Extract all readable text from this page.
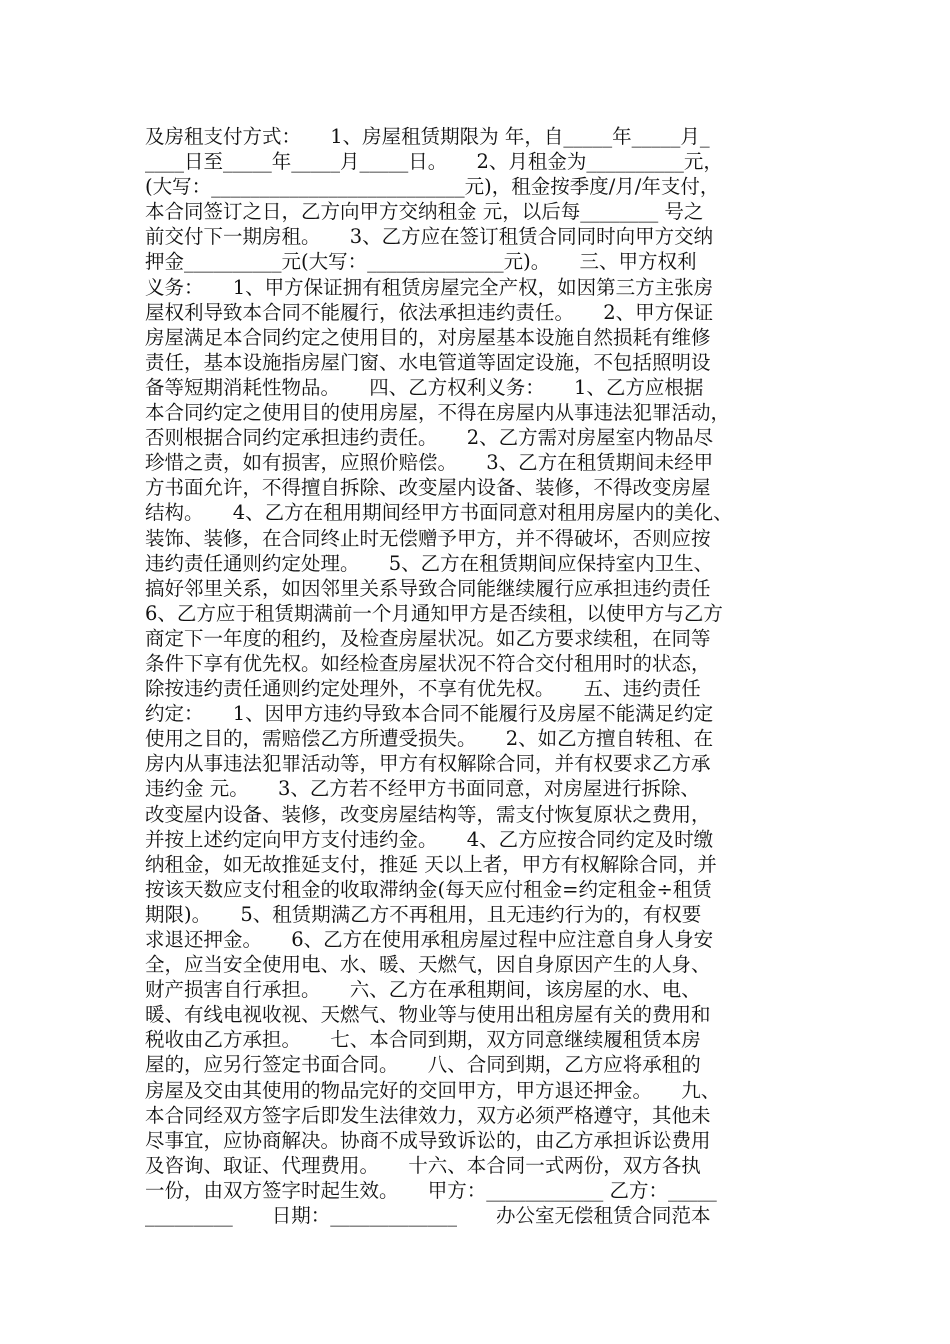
及房租支付方式：　　1、房屋租赁期限为 年，自_____年_____月_
____日至_____年_____月_____日。　　2、月租金为__________元，
(大写：__________________________元)，租金按季度/月/年支付，
本合同签订之日，乙方向甲方交纳租金 元，以后每________ 号之
前交付下一期房租。　　3、乙方应在签订租赁合同同时向甲方交纳
押金__________元(大写：______________元)。　　三、甲方权利
义务：　　1、甲方保证拥有租赁房屋完全产权，如因第三方主张房
屋权利导致本合同不能履行，依法承担违约责任。　　2、甲方保证
房屋满足本合同约定之使用目的，对房屋基本设施自然损耗有维修
责任，基本设施指房屋门窗、水电管道等固定设施，不包括照明设
备等短期消耗性物品。　　四、乙方权利义务：　　1、乙方应根据
本合同约定之使用目的使用房屋，不得在房屋内从事违法犯罪活动，
否则根据合同约定承担违约责任。　　2、乙方需对房屋室内物品尽
珍惜之责，如有损害，应照价赔偿。　　3、乙方在租赁期间未经甲
方书面允许，不得擅自拆除、改变屋内设备、装修，不得改变房屋
结构。　　4、乙方在租用期间经甲方书面同意对租用房屋内的美化、
装饰、装修，在合同终止时无偿赠予甲方，并不得破坏，否则应按
违约责任通则约定处理。　　5、乙方在租赁期间应保持室内卫生、
搞好邻里关系，如因邻里关系导致合同能继续履行应承担违约责任
6、乙方应于租赁期满前一个月通知甲方是否续租，以使甲方与乙方
商定下一年度的租约，及检查房屋状况。如乙方要求续租，在同等
条件下享有优先权。如经检查房屋状况不符合交付租用时的状态，
除按违约责任通则约定处理外，不享有优先权。　　五、违约责任
约定：　　1、因甲方违约导致本合同不能履行及房屋不能满足约定
使用之目的，需赔偿乙方所遭受损失。　　2、如乙方擅自转租、在
房内从事违法犯罪活动等，甲方有权解除合同，并有权要求乙方承
违约金 元。　　3、乙方若不经甲方书面同意，对房屋进行拆除、
改变屋内设备、装修，改变房屋结构等，需支付恢复原状之费用，
并按上述约定向甲方支付违约金。　　4、乙方应按合同约定及时缴
纳租金，如无故推延支付，推延 天以上者，甲方有权解除合同，并
按该天数应支付租金的收取滞纳金(每天应付租金=约定租金÷租赁
期限)。　　5、租赁期满乙方不再租用，且无违约行为的，有权要
求退还押金。　　6、乙方在使用承租房屋过程中应注意自身人身安
全，应当安全使用电、水、暖、天燃气，因自身原因产生的人身、
财产损害自行承担。　　六、乙方在承租期间，该房屋的水、电、
暖、有线电视收视、天燃气、物业等与使用出租房屋有关的费用和
税收由乙方承担。　　七、本合同到期，双方同意继续履租赁本房
屋的，应另行签定书面合同。　　八、合同到期，乙方应将承租的
房屋及交由其使用的物品完好的交回甲方，甲方退还押金。　　九、
本合同经双方签字后即发生法律效力，双方必须严格遵守，其他未
尽事宜，应协商解决。协商不成导致诉讼的，由乙方承担诉讼费用
及咨询、取证、代理费用。　　十六、本合同一式两份，双方各执
一份，由双方签字时起生效。　　甲方：____________ 乙方：_____
_________　　日期：_____________　　办公室无偿租赁合同范本
